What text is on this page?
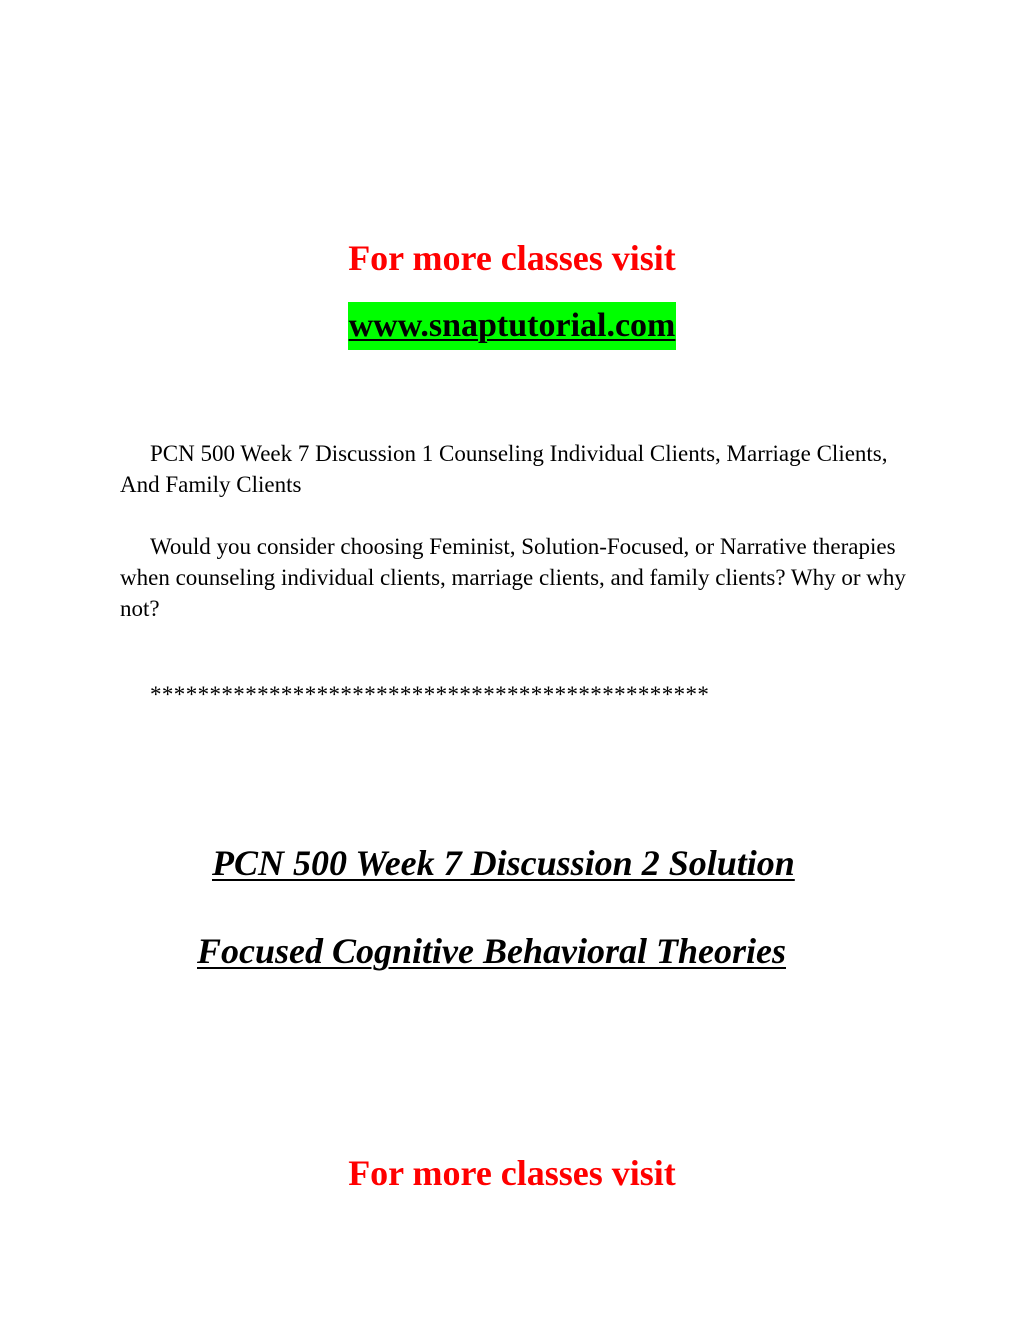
For more classes visit
www.snaptutorial.com

PCN 500 Week 7 Discussion 1 Counseling Individual Clients, Marriage Clients, And Family Clients

Would you consider choosing Feminist, Solution-Focused, or Narrative therapies when counseling individual clients, marriage clients, and family clients? Why or why not?

***********************************************
PCN 500 Week 7 Discussion 2 Solution
Focused Cognitive Behavioral Theories
For more classes visit
